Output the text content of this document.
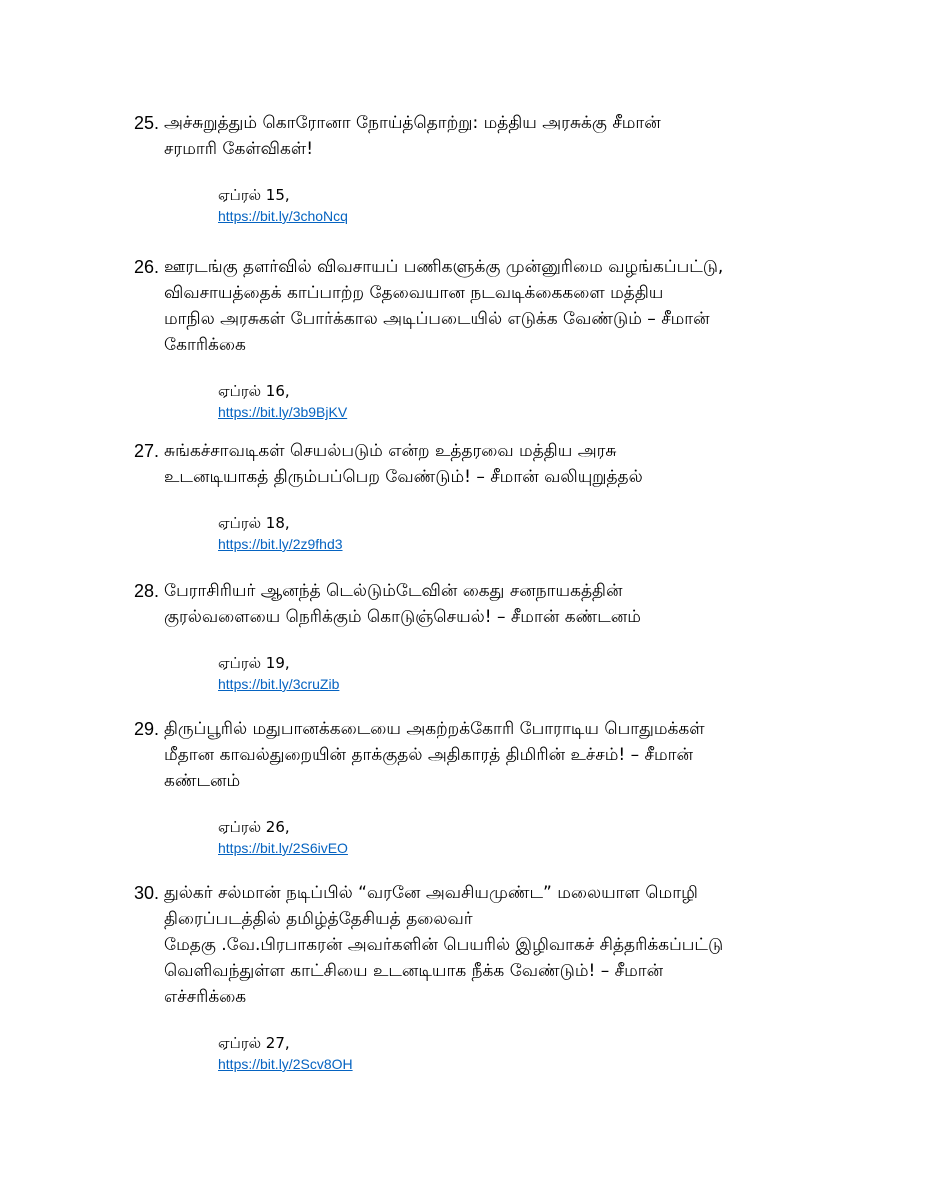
25. அச்சுறுத்தும் கொரோனா நோய்த்தொற்று: மத்திய அரசுக்கு சீமான்
சரமாரி கேள்விகள்!
ஏப்ரல் 15,
https://bit.ly/3choNcq
26. ஊரடங்கு தளர்வில் விவசாயப் பணிகளுக்கு முன்னுரிமை வழங்கப்பட்டு,
விவசாயத்தைக் காப்பாற்ற தேவையான நடவடிக்கைகளை மத்திய
மாநில அரசுகள் போர்க்கால அடிப்படையில் எடுக்க வேண்டும் – சீமான்
கோரிக்கை
ஏப்ரல் 16,
https://bit.ly/3b9BjKV
27. சுங்கச்சாவடிகள் செயல்படும் என்ற உத்தரவை மத்திய அரசு
உடனடியாகத் திரும்பப்பெற வேண்டும்! – சீமான் வலியுறுத்தல்
ஏப்ரல் 18,
https://bit.ly/2z9fhd3
28. பேராசிரியர் ஆனந்த் டெல்டும்டேவின் கைது சனநாயகத்தின்
குரல்வளையை நெரிக்கும் கொடுஞ்செயல்! – சீமான் கண்டனம்
ஏப்ரல் 19,
https://bit.ly/3cruZib
29. திருப்பூரில் மதுபானக்கடையை அகற்றக்கோரி போராடிய பொதுமக்கள்
மீதான காவல்துறையின் தாக்குதல் அதிகாரத் திமிரின் உச்சம்! – சீமான்
கண்டனம்
ஏப்ரல் 26,
https://bit.ly/2S6ivEO
30. துல்கர் சல்மான் நடிப்பில் “வரனே அவசியமுண்ட” மலையாள மொழி
திரைப்படத்தில் தமிழ்த்தேசியத் தலைவர்
மேதகு .வே.பிரபாகரன் அவர்களின் பெயரில் இழிவாகச் சித்தரிக்கப்பட்டு
வெளிவந்துள்ள காட்சியை உடனடியாக நீக்க வேண்டும்! – சீமான்
எச்சரிக்கை
ஏப்ரல் 27,
https://bit.ly/2Scv8OH
